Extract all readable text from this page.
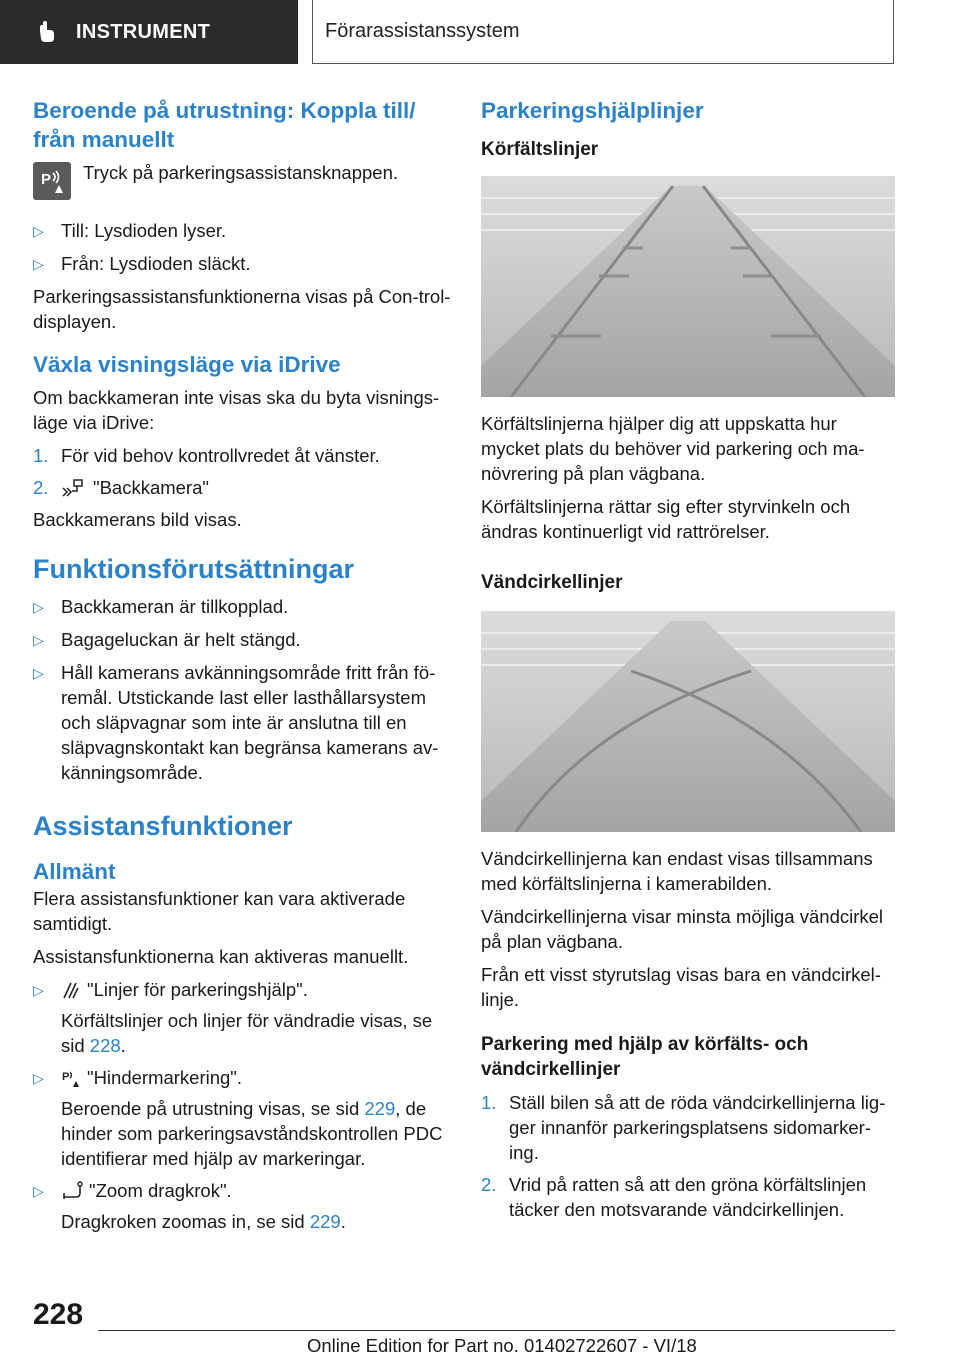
INSTRUMENT	Förarassistanssystem
Beroende på utrustning: Koppla till/ från manuellt
P Tryck på parkeringsassistansknappen.
▷ Till: Lysdioden lyser.
▷ Från: Lysdioden släckt.

Parkeringsassistansfunktionerna visas på Con-trol-displayen.

Växla visningsläge via iDrive

Om backkameran inte visas ska du byta visnings-läge via iDrive:

1. För vid behov kontrollvredet åt vänster.
2.	"Backkamera"

Backkamerans bild visas.

Funktionsförutsättningar
▷ Backkameran är tillkopplad.
▷ Bagageluckan är helt stängd.
▷ Håll kamerans avkänningsområde fritt från fö-remål. Utstickande last eller lasthållarsystem och släpvagnar som inte är anslutna till en släpvagnskontakt kan begränsa kamerans av-känningsområde.
Assistansfunktioner
Allmänt

Flera assistansfunktioner kan vara aktiverade samtidigt.

Assistansfunktionerna kan aktiveras manuellt.

▷	"Linjer för parkeringshjälp".
Körfältslinjer och linjer för vändradie visas, se sid 228.
▷	P "Hindermarkering".
Beroende på utrustning visas, se sid 229, de hinder som parkeringsavståndskontrollen PDC identifierar med hjälp av markeringar.
▷	"Zoom dragkrok".
Dragkroken zoomas in, se sid 229.
Parkeringshjälplinjer
Körfältslinjer

Körfältslinjerna hjälper dig att uppskatta hur mycket plats du behöver vid parkering och ma-növrering på plan vägbana.

Körfältslinjerna rättar sig efter styrvinkeln och ändras kontinuerligt vid rattrörelser.

Vändcirkellinjer

Vändcirkellinjerna kan endast visas tillsammans med körfältslinjerna i kamerabilden.

Vändcirkellinjerna visar minsta möjliga vändcirkel på plan vägbana.

Från ett visst styrutslag visas bara en vändcirkel-linje.

Parkering med hjälp av körfälts- och vändcirkellinjer
1. Ställ bilen så att de röda vändcirkellinjerna lig-ger innanför parkeringsplatsens sidomarker-ing.
2. Vrid på ratten så att den gröna körfältslinjen täcker den motsvarande vändcirkellinjen.
228
Online Edition for Part no. 01402722607 - VI/18
